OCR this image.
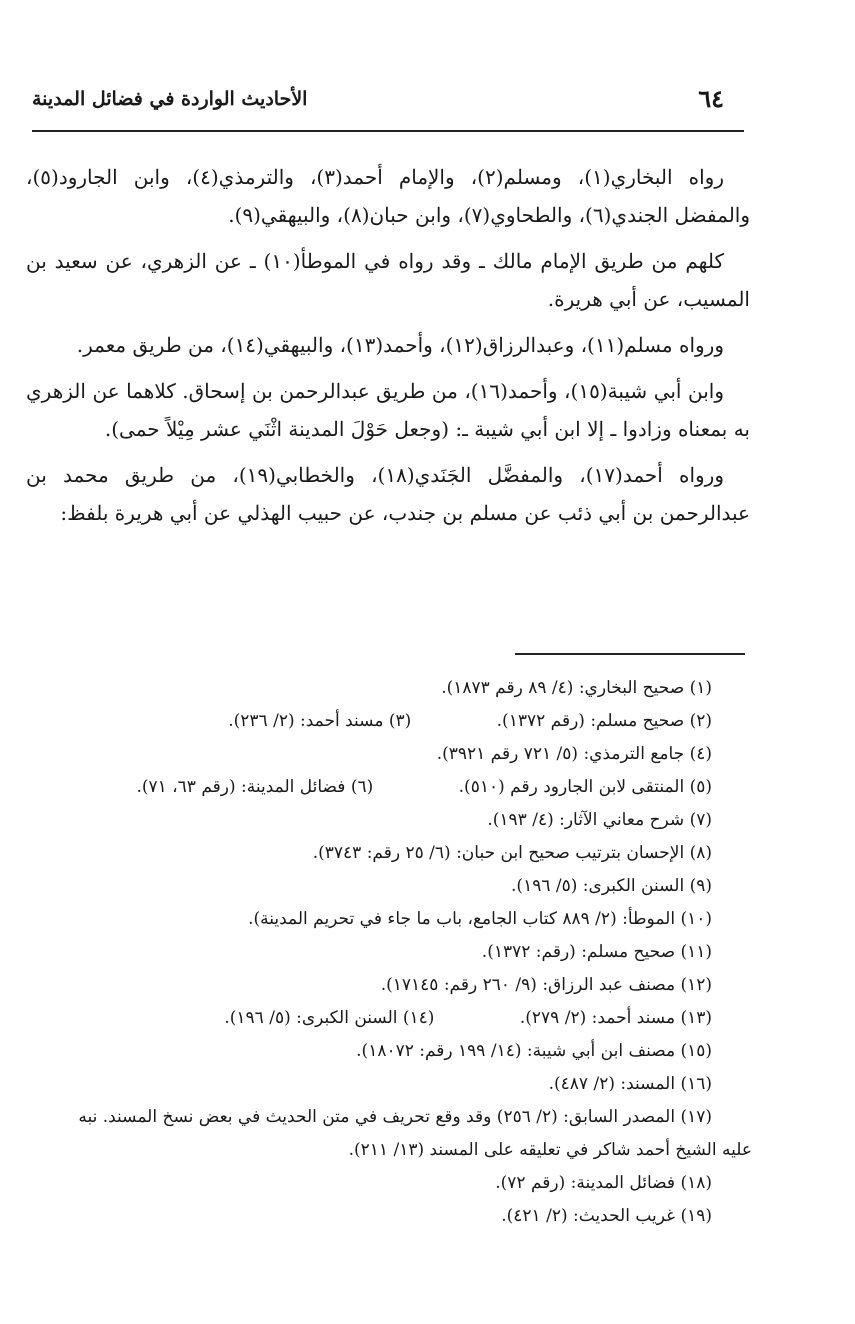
٦٤
الأحاديث الواردة في فضائل المدينة

رواه البخاري(١)، ومسلم(٢)، والإمام أحمد(٣)، والترمذي(٤)، وابن الجارود(٥)، والمفضل الجندي(٦)، والطحاوي(٧)، وابن حبان(٨)، والبيهقي(٩).

كلهم من طريق الإمام مالك ـ وقد رواه في الموطأ(١٠) ـ عن الزهري، عن سعيد بن المسيب، عن أبي هريرة.

ورواه مسلم(١١)، وعبدالرزاق(١٢)، وأحمد(١٣)، والبيهقي(١٤)، من طريق معمر.

وابن أبي شيبة(١٥)، وأحمد(١٦)، من طريق عبدالرحمن بن إسحاق. كلاهما عن الزهري به بمعناه وزادوا ـ إلا ابن أبي شيبة ـ: (وجعل حَوْلَ المدينة اثْنَي عشر مِيْلاً حمى).

ورواه أحمد(١٧)، والمفضَّل الجَنَدي(١٨)، والخطابي(١٩)، من طريق محمد بن عبدالرحمن بن أبي ذئب عن مسلم بن جندب، عن حبيب الهذلي عن أبي هريرة بلفظ:

(١) صحيح البخاري: (٤/ ٨٩ رقم ١٨٧٣).
(٢) صحيح مسلم: (رقم ١٣٧٢). (٣) مسند أحمد: (٢/ ٢٣٦).
(٤) جامع الترمذي: (٥/ ٧٢١ رقم ٣٩٢١).
(٥) المنتقى لابن الجارود رقم (٥١٠). (٦) فضائل المدينة: (رقم ٦٣، ٧١).
(٧) شرح معاني الآثار: (٤/ ١٩٣).
(٨) الإحسان بترتيب صحيح ابن حبان: (٦/ ٢٥ رقم: ٣٧٤٣).
(٩) السنن الكبرى: (٥/ ١٩٦).
(١٠) الموطأ: (٢/ ٨٨٩ كتاب الجامع، باب ما جاء في تحريم المدينة).
(١١) صحيح مسلم: (رقم: ١٣٧٢).
(١٢) مصنف عبد الرزاق: (٩/ ٢٦٠ رقم: ١٧١٤٥).
(١٣) مسند أحمد: (٢/ ٢٧٩). (١٤) السنن الكبرى: (٥/ ١٩٦).
(١٥) مصنف ابن أبي شيبة: (١٤/ ١٩٩ رقم: ١٨٠٧٢).
(١٦) المسند: (٢/ ٤٨٧).
(١٧) المصدر السابق: (٢/ ٢٥٦) وقد وقع تحريف في متن الحديث في بعض نسخ المسند. نبه
عليه الشيخ أحمد شاكر في تعليقه على المسند (١٣/ ٢١١).
(١٨) فضائل المدينة: (رقم ٧٢).
(١٩) غريب الحديث: (٢/ ٤٢١).
